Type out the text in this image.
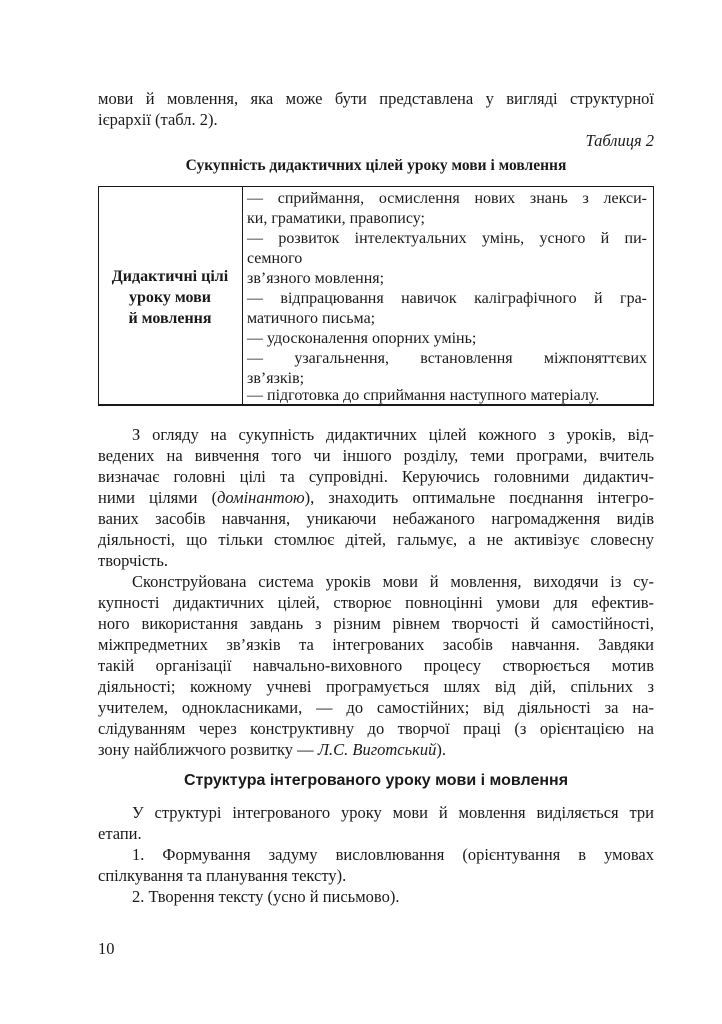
мови й мовлення, яка може бути представлена у вигляді структурної
ієрархії (табл. 2).
Таблиця 2
Сукупність дидактичних цілей уроку мови і мовлення
Дидактичні цілі
уроку мови
й мовлення
— сприймання, осмислення нових знань з лекси-
ки, граматики, правопису;
— розвиток інтелектуальних умінь, усного й пи-
семного
зв’язного мовлення;
— відпрацювання навичок каліграфічного й гра-
матичного письма;
— удосконалення опорних умінь;
— узагальнення, встановлення міжпоняттєвих
зв’язків;
— підготовка до сприймання наступного матеріалу.
З огляду на сукупність дидактичних цілей кожного з уроків, від-
ведених на вивчення того чи іншого розділу, теми програми, вчитель
визначає головні цілі та супровідні. Керуючись головними дидактич-
ними цілями (домінантою), знаходить оптимальне поєднання інтегро-
ваних засобів навчання, уникаючи небажаного нагромадження видів
діяльності, що тільки стомлює дітей, гальмує, а не активізує словесну
творчість.
Сконструйована система уроків мови й мовлення, виходячи із су-
купності дидактичних цілей, створює повноцінні умови для ефектив-
ного використання завдань з різним рівнем творчості й самостійності,
міжпредметних зв’язків та інтегрованих засобів навчання. Завдяки
такій організації навчально-виховного процесу створюється мотив
діяльності; кожному учневі програмується шлях від дій, спільних з
учителем, однокласниками, — до самостійних; від діяльності за на-
слідуванням через конструктивну до творчої праці (з орієнтацією на
зону найближчого розвитку — Л.С. Виготський).
Структура інтегрованого уроку мови і мовлення
У структурі інтегрованого уроку мови й мовлення виділяється три
етапи.
1. Формування задуму висловлювання (орієнтування в умовах
спілкування та планування тексту).
2. Творення тексту (усно й письмово).
10
